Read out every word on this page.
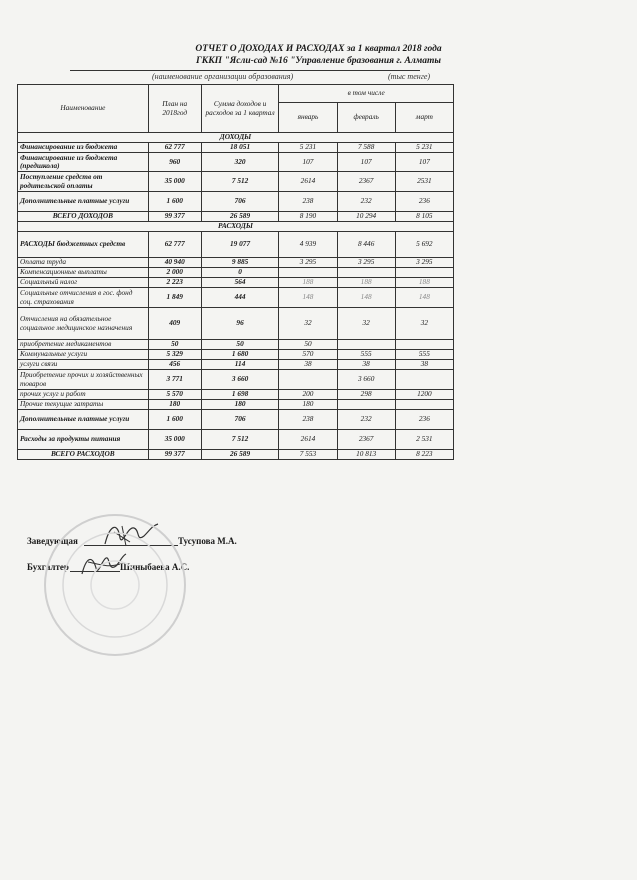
ОТЧЕТ О ДОХОДАХ И РАСХОДАХ за 1 квартал 2018 года
ГККП "Ясли-сад №16 "Управление бразования г. Алматы
(наименование организации образования)	(тыс тенге)
Наименование	План на 2018год	Сумма доходов и расходов за 1 квартал	в том числе		
			январь	февраль	март
ДОХОДЫ					
Финансирование из бюджета	62 777	18 051	5 231	7 588	5 231
Финансирование из бюджета (предшкола)	960	320	107	107	107
Поступление средств от родительской оплаты	35 000	7 512	2614	2367	2531
Дополнительные платные услуги	1 600	706	238	232	236
ВСЕГО ДОХОДОВ	99 377	26 589	8 190	10 294	8 105
РАСХОДЫ					
РАСХОДЫ бюджетных средств	62 777	19 077	4 939	8 446	5 692
Оплата труда	40 940	9 885	3 295	3 295	3 295
Компенсационные выплаты	2 000	0			
Социальный налог	2 223	564	188	188	188
Социальные отчисления в гос. фонд соц. страхования	1 849	444	148	148	148
Отчисления на обязательное социальное медицинское назначения	409	96	32	32	32
приобретение медикаментов	50	50	50		
Коммунальные услуги	5 329	1 680	570	555	555
услуги связи	456	114	38	38	38
Приобретение прочих и хозяйственных товаров	3 771	3 660		3 660	
прочих услуг и работ	5 570	1 698	200	298	1200
Прочие текущие затраты	180	180	180		
Дополнительные платные услуги	1 600	706	238	232	236
Расходы за продукты питания	35 000	7 512	2614	2367	2 531
ВСЕГО РАСХОДОВ	99 377	26 589	7 553	10 813	8 223
Заведующая	Тусупова М.А.
Бухгалтер	Шиныбаева А.С.
